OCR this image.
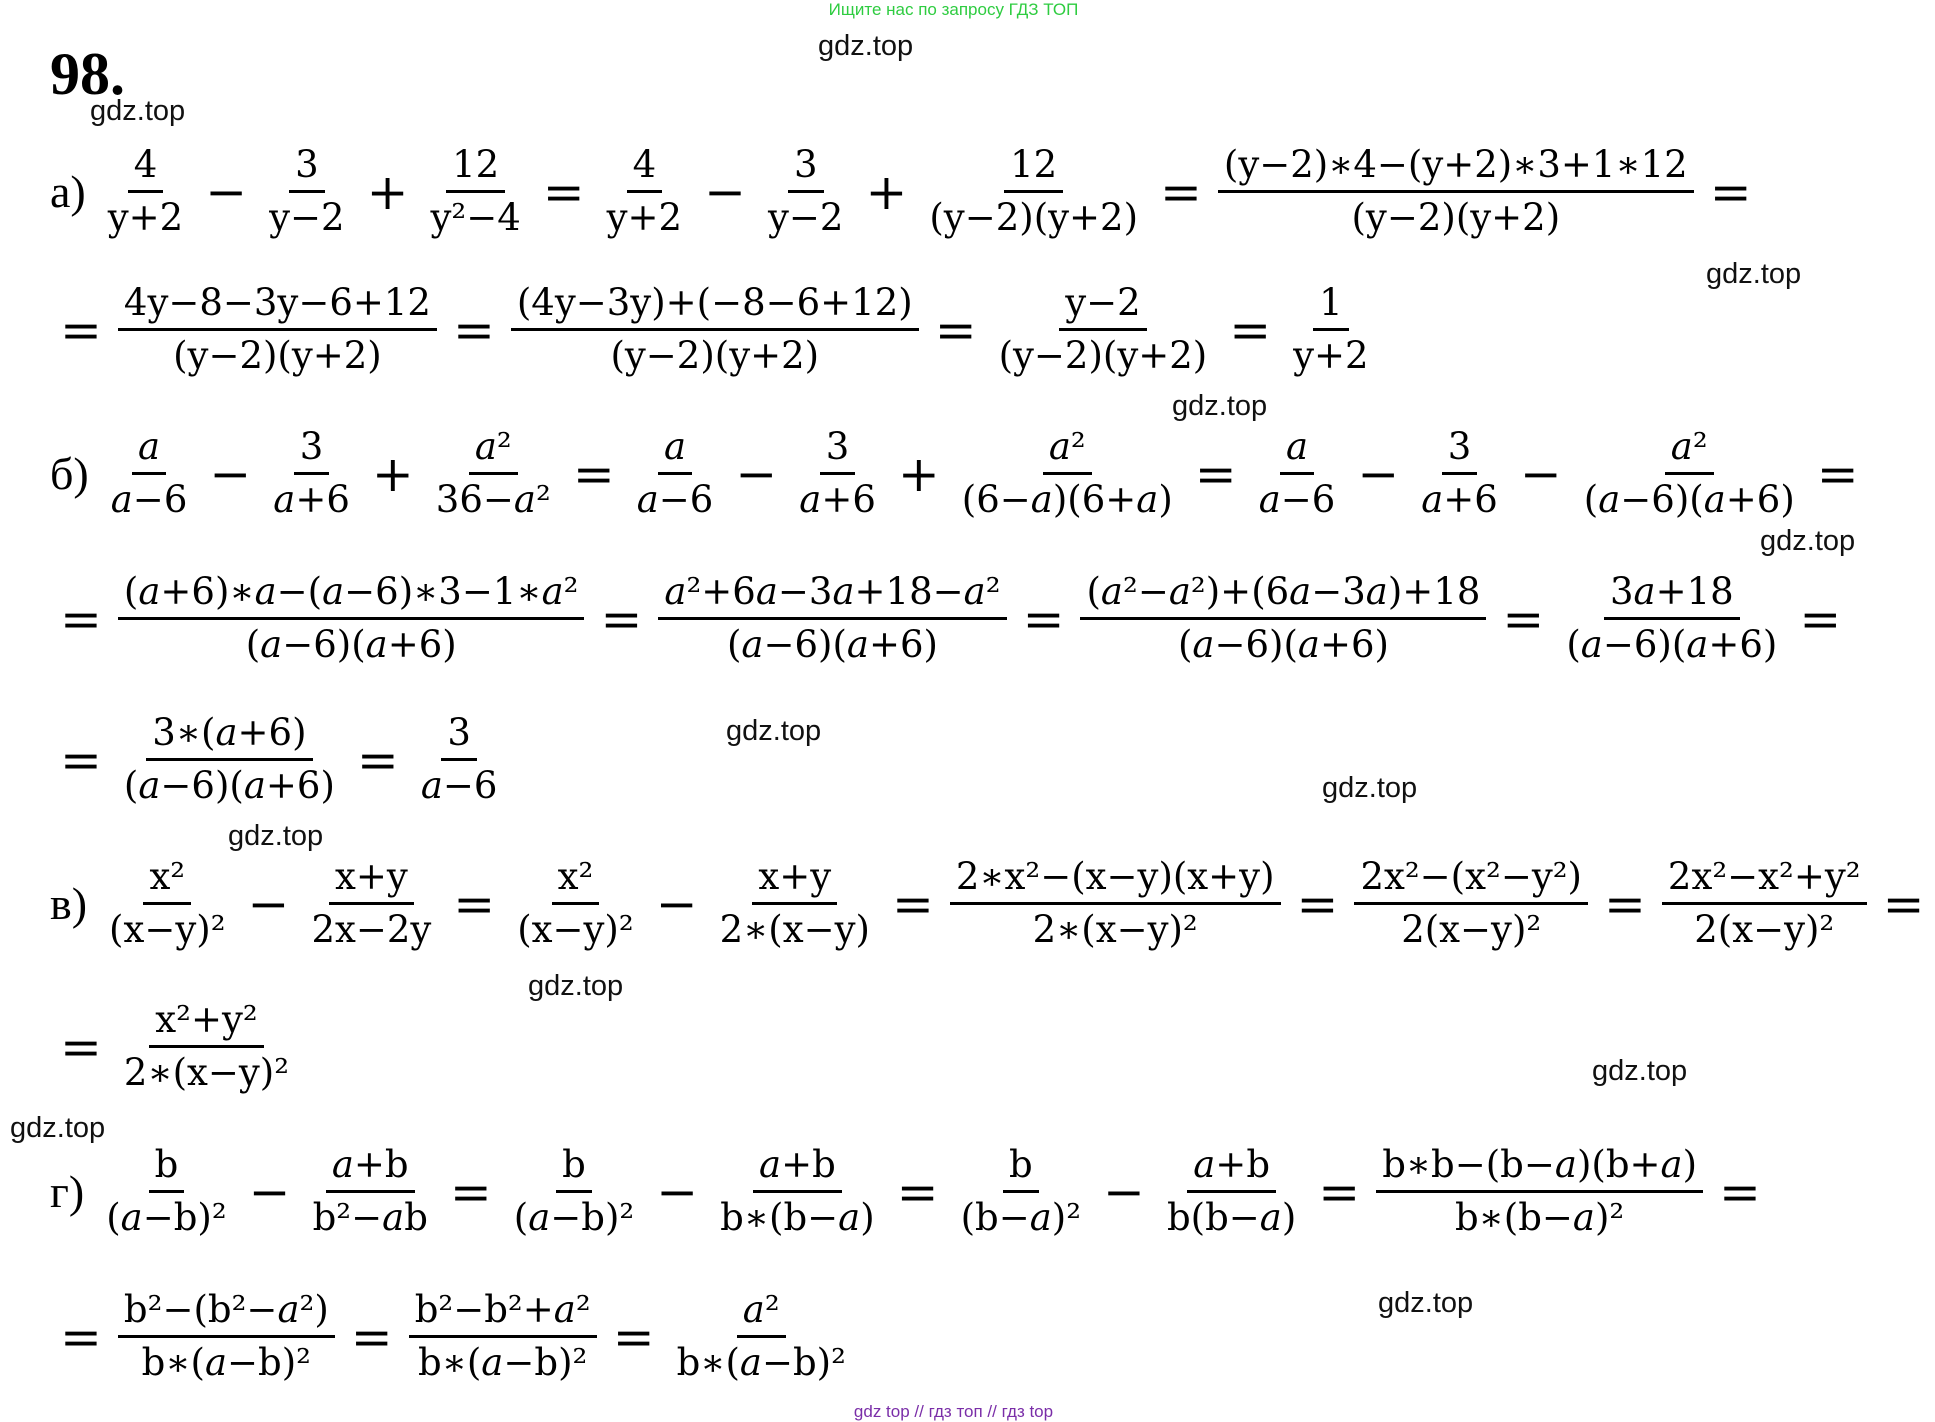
Ищите нас по запросу ГДЗ ТОП
98.	gdz.top
gdz.top
gdz.top
gdz.top
gdz.top
gdz.top
gdz.top
gdz.top
gdz.top
gdz.top
gdz.top
gdz.top
$а) \frac{4}{y+2} - \frac{3}{y-2} + \frac{12}{\text{y²−4}} = \frac{4}{y+2} - \frac{3}{y-2} + \frac{12}{(y-2)(y+2)} = \frac{(y-2)∗4-(y+2)∗3+1∗12}{(y-2)(y+2)}$ =
= $\frac{4y-8-3y-6+12}{(y-2)(y+2)} = \frac{(4y-3y)+(-8-6+12)}{(y-2)(y+2)} = \frac{y-2}{(y-2)(y+2)} = \frac{1}{y+2}$
$б) \frac{a}{a-6} - \frac{3}{a+6} + \frac{\text{a²}}{\text{36−a²}} = \frac{a}{a-6} - \frac{3}{a+6} + \frac{\text{a²}}{(6-a)(6+a)} = \frac{a}{a-6} - \frac{3}{a+6} - \frac{\text{a²}}{(a-6)(a+6)}$ =
= $\frac{\text{(a+6)∗a−(a−6)∗3−1∗a²}}{(a-6)(a+6)} = \frac{\text{a²+6a−3a+18−a²}}{(a-6)(a+6)} = \frac{\text{(a²−a²)+(6a−3a)+18}}{(a-6)(a+6)} = \frac{3a+18}{(a-6)(a+6)}$ =
= $\frac{3∗(a+6)}{(a-6)(a+6)} = \frac{3}{a-6}$
$в) \frac{\text{x²}}{\text{(x−y)²}} - \frac{x+y}{2x-2y} = \frac{\text{x²}}{\text{(x−y)²}} - \frac{x+y}{2∗(x-y)} = \frac{\text{2∗x²−(x−y)(x+y)}}{\text{2∗(x−y)²}} = \frac{\text{2x²−(x²−y²)}}{\text{2(x−y)²}} = \frac{\text{2x²−x²+y²}}{\text{2(x−y)²}}$ =
= $\frac{\text{x²+y²}}{\text{2∗(x−y)²}}$
$г) \frac{b}{\text{(a−b)²}} - \frac{a+b}{\text{b²−ab}} = \frac{b}{\text{(a−b)²}} - \frac{a+b}{b∗(b-a)} = \frac{b}{\text{(b−a)²}} - \frac{a+b}{b(b-a)} = \frac{b∗b-(b-a)(b+a)}{\text{b∗(b−a)²}}$ =
= $\frac{\text{b²−(b²−a²)}}{\text{b∗(a−b)²}} = \frac{\text{b²−b²+a²}}{\text{b∗(a−b)²}} = \frac{\text{a²}}{\text{b∗(a−b)²}}$
gdz top // гдз топ // гдз top
